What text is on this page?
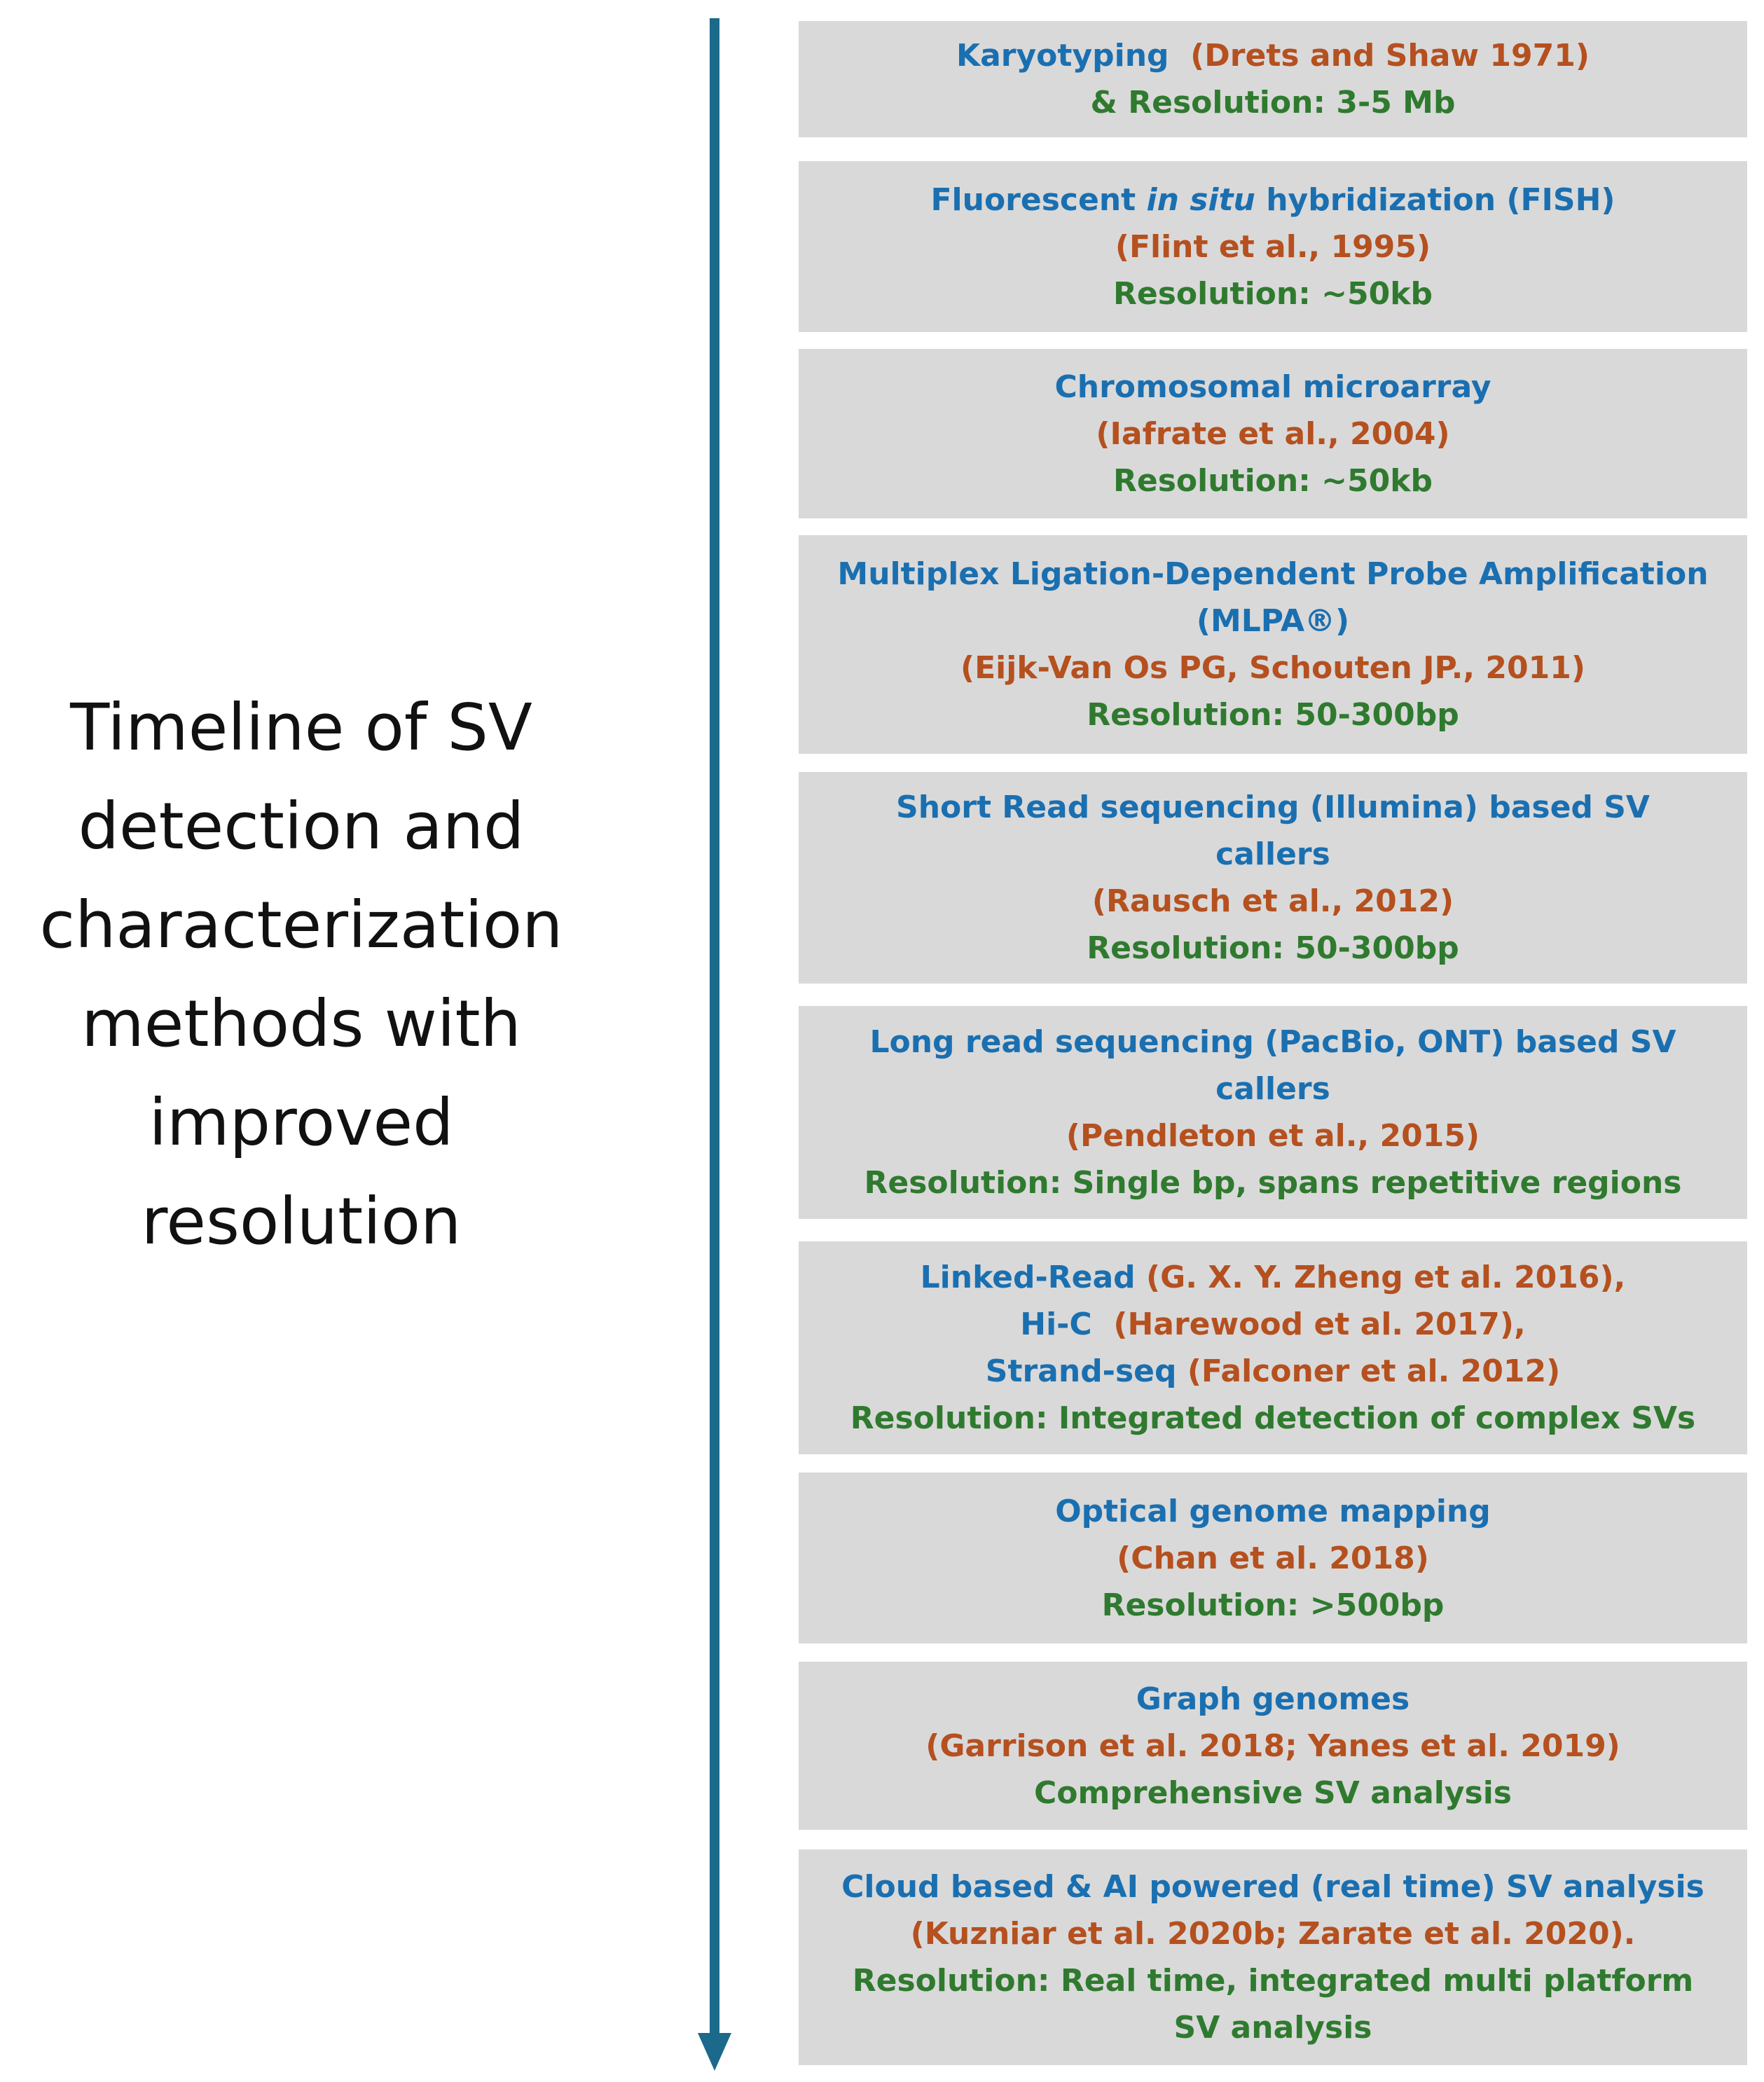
Timeline of SV
detection and
characterization
methods with
improved
resolution
Karyotyping (Drets and Shaw 1971)
& Resolution: 3-5 Mb
Fluorescent in situ hybridization (FISH)
(Flint et al., 1995)
Resolution: ~50kb
Chromosomal microarray
(Iafrate et al., 2004)
Resolution: ~50kb
Multiplex Ligation-Dependent Probe Amplification
(MLPA®)
(Eijk-Van Os PG, Schouten JP., 2011)
Resolution: 50-300bp
Short Read sequencing (Illumina) based SV
callers
(Rausch et al., 2012)
Resolution: 50-300bp
Long read sequencing (PacBio, ONT) based SV
callers
(Pendleton et al., 2015)
Resolution: Single bp, spans repetitive regions
Linked-Read (G. X. Y. Zheng et al. 2016),
Hi-C (Harewood et al. 2017),
Strand-seq (Falconer et al. 2012)
Resolution: Integrated detection of complex SVs
Optical genome mapping
(Chan et al. 2018)
Resolution: >500bp
Graph genomes
(Garrison et al. 2018; Yanes et al. 2019)
Comprehensive SV analysis
Cloud based & AI powered (real time) SV analysis
(Kuzniar et al. 2020b; Zarate et al. 2020).
Resolution: Real time, integrated multi platform
SV analysis
